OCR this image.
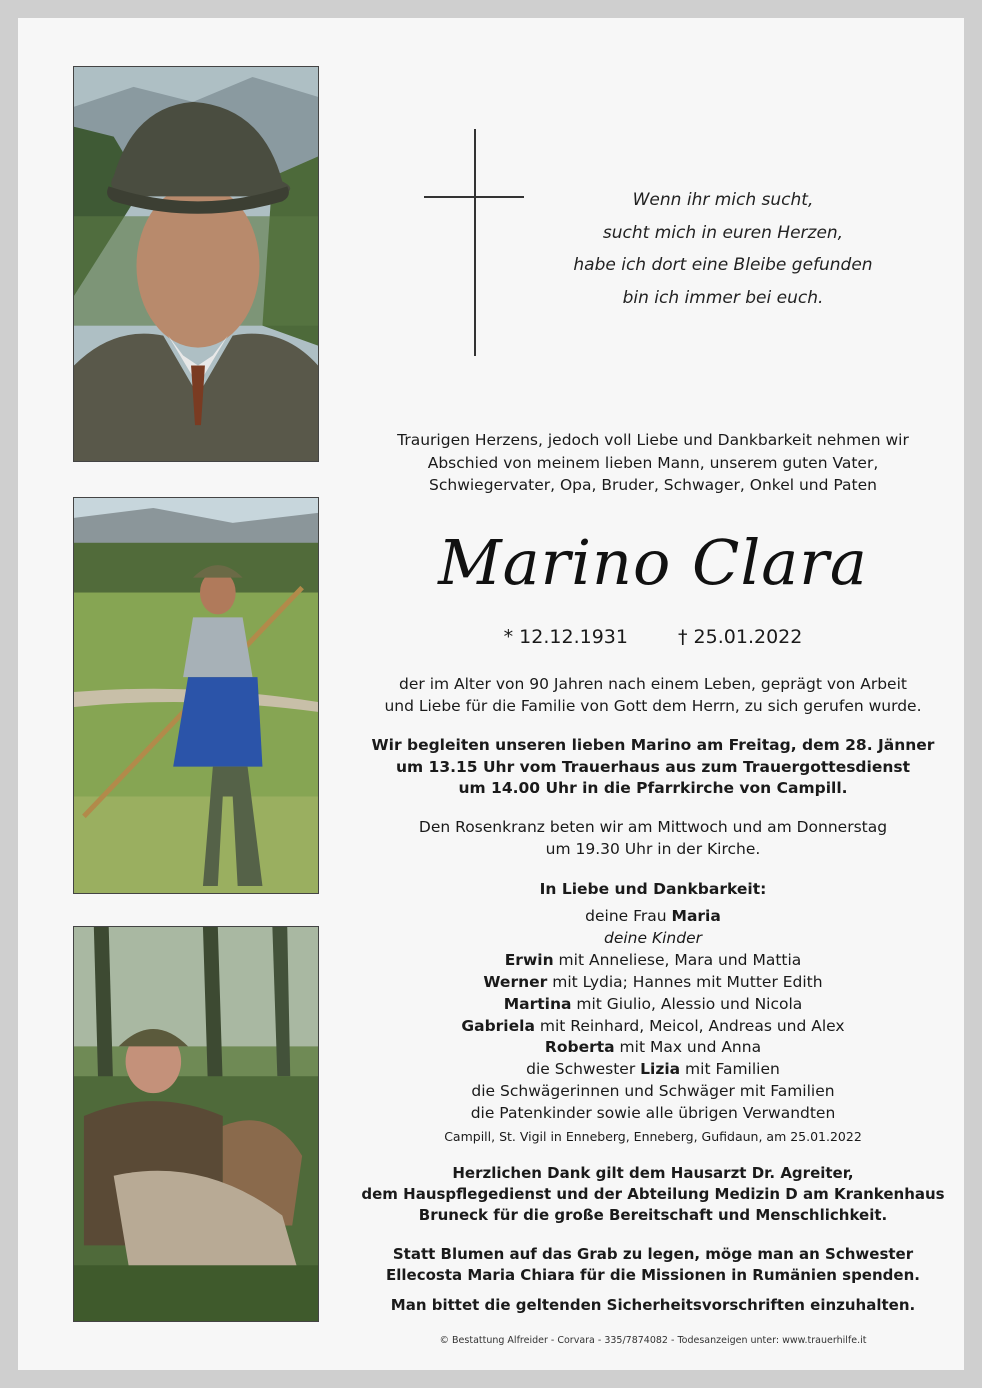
Wenn ihr mich sucht,
sucht mich in euren Herzen,
habe ich dort eine Bleibe gefunden
bin ich immer bei euch.
Traurigen Herzens, jedoch voll Liebe und Dankbarkeit nehmen wir
Abschied von meinem lieben Mann, unserem guten Vater,
Schwiegervater, Opa, Bruder, Schwager, Onkel und Paten
Marino Clara
* 12.12.1931	† 25.01.2022
der im Alter von 90 Jahren nach einem Leben, geprägt von Arbeit
und Liebe für die Familie von Gott dem Herrn, zu sich gerufen wurde.
Wir begleiten unseren lieben Marino am Freitag, dem 28. Jänner
um 13.15 Uhr vom Trauerhaus aus zum Trauergottesdienst
um 14.00 Uhr in die Pfarrkirche von Campill.
Den Rosenkranz beten wir am Mittwoch und am Donnerstag
um 19.30 Uhr in der Kirche.
In Liebe und Dankbarkeit:
deine Frau Maria
deine Kinder
Erwin mit Anneliese, Mara und Mattia
Werner mit Lydia; Hannes mit Mutter Edith
Martina mit Giulio, Alessio und Nicola
Gabriela mit Reinhard, Meicol, Andreas und Alex
Roberta mit Max und Anna
die Schwester Lizia mit Familien
die Schwägerinnen und Schwäger mit Familien
die Patenkinder sowie alle übrigen Verwandten
Campill, St. Vigil in Enneberg, Enneberg, Gufidaun, am 25.01.2022
Herzlichen Dank gilt dem Hausarzt Dr. Agreiter,
dem Hauspflegedienst und der Abteilung Medizin D am Krankenhaus
Bruneck für die große Bereitschaft und Menschlichkeit.
Statt Blumen auf das Grab zu legen, möge man an Schwester
Ellecosta Maria Chiara für die Missionen in Rumänien spenden.
Man bittet die geltenden Sicherheitsvorschriften einzuhalten.
© Bestattung Alfreider - Corvara - 335/7874082 - Todesanzeigen unter: www.trauerhilfe.it
